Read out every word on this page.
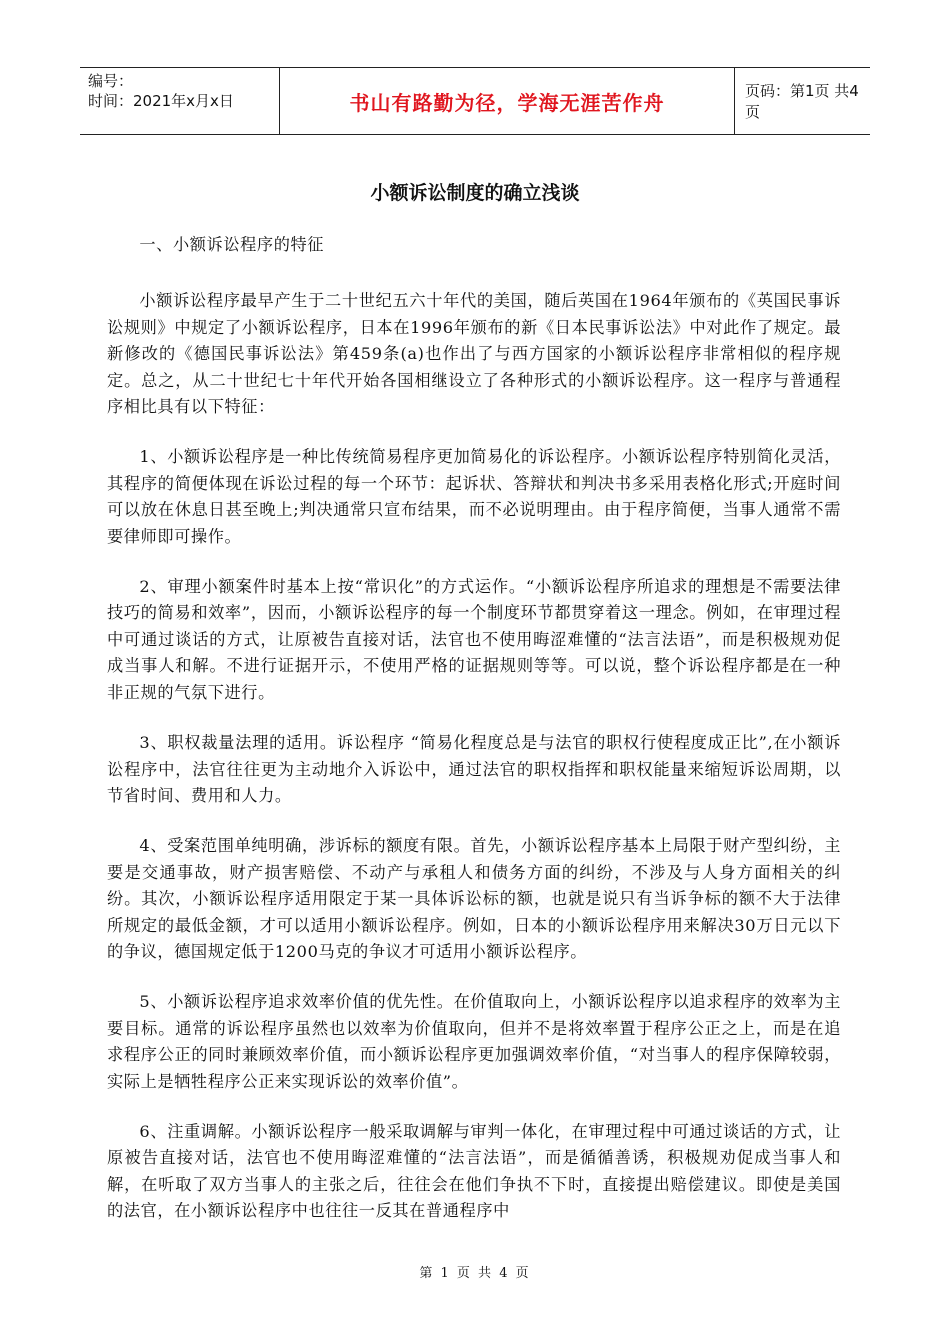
编号：
时间：2021年x月x日	书山有路勤为径，学海无涯苦作舟	页码：第1页 共4页
小额诉讼制度的确立浅谈

一、小额诉讼程序的特征

小额诉讼程序最早产生于二十世纪五六十年代的美国，随后英国在1964年颁布的《英国民事诉讼规则》中规定了小额诉讼程序，日本在1996年颁布的新《日本民事诉讼法》中对此作了规定。最新修改的《德国民事诉讼法》第459条(a)也作出了与西方国家的小额诉讼程序非常相似的程序规定。总之，从二十世纪七十年代开始各国相继设立了各种形式的小额诉讼程序。这一程序与普通程序相比具有以下特征：

1、小额诉讼程序是一种比传统简易程序更加简易化的诉讼程序。小额诉讼程序特别简化灵活，其程序的简便体现在诉讼过程的每一个环节：起诉状、答辩状和判决书多采用表格化形式;开庭时间可以放在休息日甚至晚上;判决通常只宣布结果，而不必说明理由。由于程序简便，当事人通常不需要律师即可操作。

2、审理小额案件时基本上按“常识化”的方式运作。“小额诉讼程序所追求的理想是不需要法律技巧的简易和效率”，因而，小额诉讼程序的每一个制度环节都贯穿着这一理念。例如，在审理过程中可通过谈话的方式，让原被告直接对话，法官也不使用晦涩难懂的“法言法语”，而是积极规劝促成当事人和解。不进行证据开示，不使用严格的证据规则等等。可以说，整个诉讼程序都是在一种非正规的气氛下进行。

3、职权裁量法理的适用。诉讼程序 “简易化程度总是与法官的职权行使程度成正比”,在小额诉讼程序中，法官往往更为主动地介入诉讼中，通过法官的职权指挥和职权能量来缩短诉讼周期，以节省时间、费用和人力。

4、受案范围单纯明确，涉诉标的额度有限。首先，小额诉讼程序基本上局限于财产型纠纷，主要是交通事故，财产损害赔偿、不动产与承租人和债务方面的纠纷，不涉及与人身方面相关的纠纷。其次，小额诉讼程序适用限定于某一具体诉讼标的额，也就是说只有当诉争标的额不大于法律所规定的最低金额，才可以适用小额诉讼程序。例如，日本的小额诉讼程序用来解决30万日元以下的争议，德国规定低于1200马克的争议才可适用小额诉讼程序。

5、小额诉讼程序追求效率价值的优先性。在价值取向上，小额诉讼程序以追求程序的效率为主要目标。通常的诉讼程序虽然也以效率为价值取向，但并不是将效率置于程序公正之上，而是在追求程序公正的同时兼顾效率价值，而小额诉讼程序更加强调效率价值，“对当事人的程序保障较弱，实际上是牺牲程序公正来实现诉讼的效率价值”。

6、注重调解。小额诉讼程序一般采取调解与审判一体化，在审理过程中可通过谈话的方式，让原被告直接对话，法官也不使用晦涩难懂的“法言法语”，而是循循善诱，积极规劝促成当事人和解，在听取了双方当事人的主张之后，往往会在他们争执不下时，直接提出赔偿建议。即使是美国的法官，在小额诉讼程序中也往往一反其在普通程序中

第 1 页 共 4 页
